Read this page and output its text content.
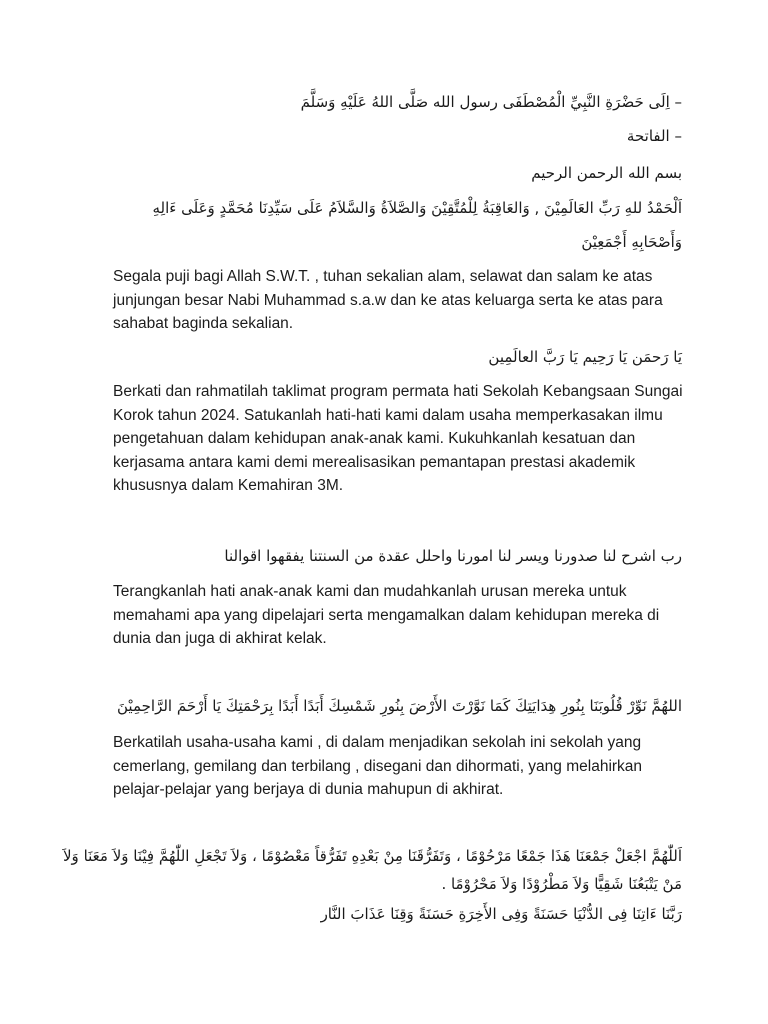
– اِلَى حَضْرَةِ النَّبِيِّ الْمُصْطَفَى رسول الله صَلَّى اللهُ عَلَيْهِ وَسَلَّمَ
– الفاتحة
بسم الله الرحمن الرحيم
اَلْحَمْدُ للهِ رَبِّ العَالَمِيْنَ , وَالعَاقِبَةُ لِلْمُتَّقِيْنَ وَالصَّلاَةُ وَالسَّلاَمُ عَلَى سَيِّدِنَا مُحَمَّدٍ وَعَلَى ءَالِهِ
وَأَصْحَابِهِ أَجْمَعِيْنَ
Segala puji bagi Allah S.W.T. , tuhan sekalian alam, selawat dan salam ke atas junjungan besar Nabi Muhammad s.a.w dan ke atas keluarga serta ke atas para sahabat baginda sekalian.
يَا رَحمَن يَا رَحِيم يَا رَبَّ العالَمِين
Berkati dan rahmatilah taklimat program permata hati Sekolah Kebangsaan Sungai Korok tahun 2024. Satukanlah hati-hati kami dalam usaha memperkasakan ilmu pengetahuan dalam kehidupan anak-anak kami. Kukuhkanlah kesatuan dan kerjasama antara kami demi merealisasikan pemantapan prestasi akademik khususnya dalam Kemahiran 3M.
رب اشرح لنا صدورنا ويسر لنا امورنا واحلل عقدة من السنتنا يفقهوا اقوالنا
Terangkanlah hati anak-anak kami dan mudahkanlah urusan mereka untuk memahami apa yang dipelajari serta mengamalkan dalam kehidupan mereka di dunia dan juga di akhirat kelak.
اللهُمَّ نَوِّرْ قُلُوبَنَا بِنُورِ هِدَايَتِكَ كَمَا نَوَّرْتَ الأَرْضَ بِنُورِ شَمْسِكَ أَبَدًا أَبَدًا بِرَحْمَتِكَ يَا أَرْحَمَ الرَّاحِمِيْنَ
Berkatilah usaha-usaha kami , di dalam menjadikan sekolah ini sekolah yang cemerlang, gemilang dan terbilang , disegani dan dihormati, yang melahirkan pelajar-pelajar yang berjaya di dunia mahupun di akhirat.
اَللّٰهُمَّ اجْعَلْ جَمْعَنَا هَذَا جَمْعًا مَرْحُوْمًا ، وَتَفَرُّقَنَا مِنْ بَعْدِهِ تَفَرُّقاً مَعْصُوْمًا ، وَلاَ تَجْعَلِ اللّٰهُمَّ فِيْنَا وَلاَ مَعَنَا وَلاَ مَنْ يَتْبَعُنَا شَقِيًّا وَلاَ مَطْرُوْدًا وَلاَ مَحْرُوْمًا .
رَبَّنَا ءَاتِنَا فِى الدُّنْيَا حَسَنَةً وَفِى الأَخِرَةِ حَسَنَةً وَقِنَا عَذَابَ النَّار
